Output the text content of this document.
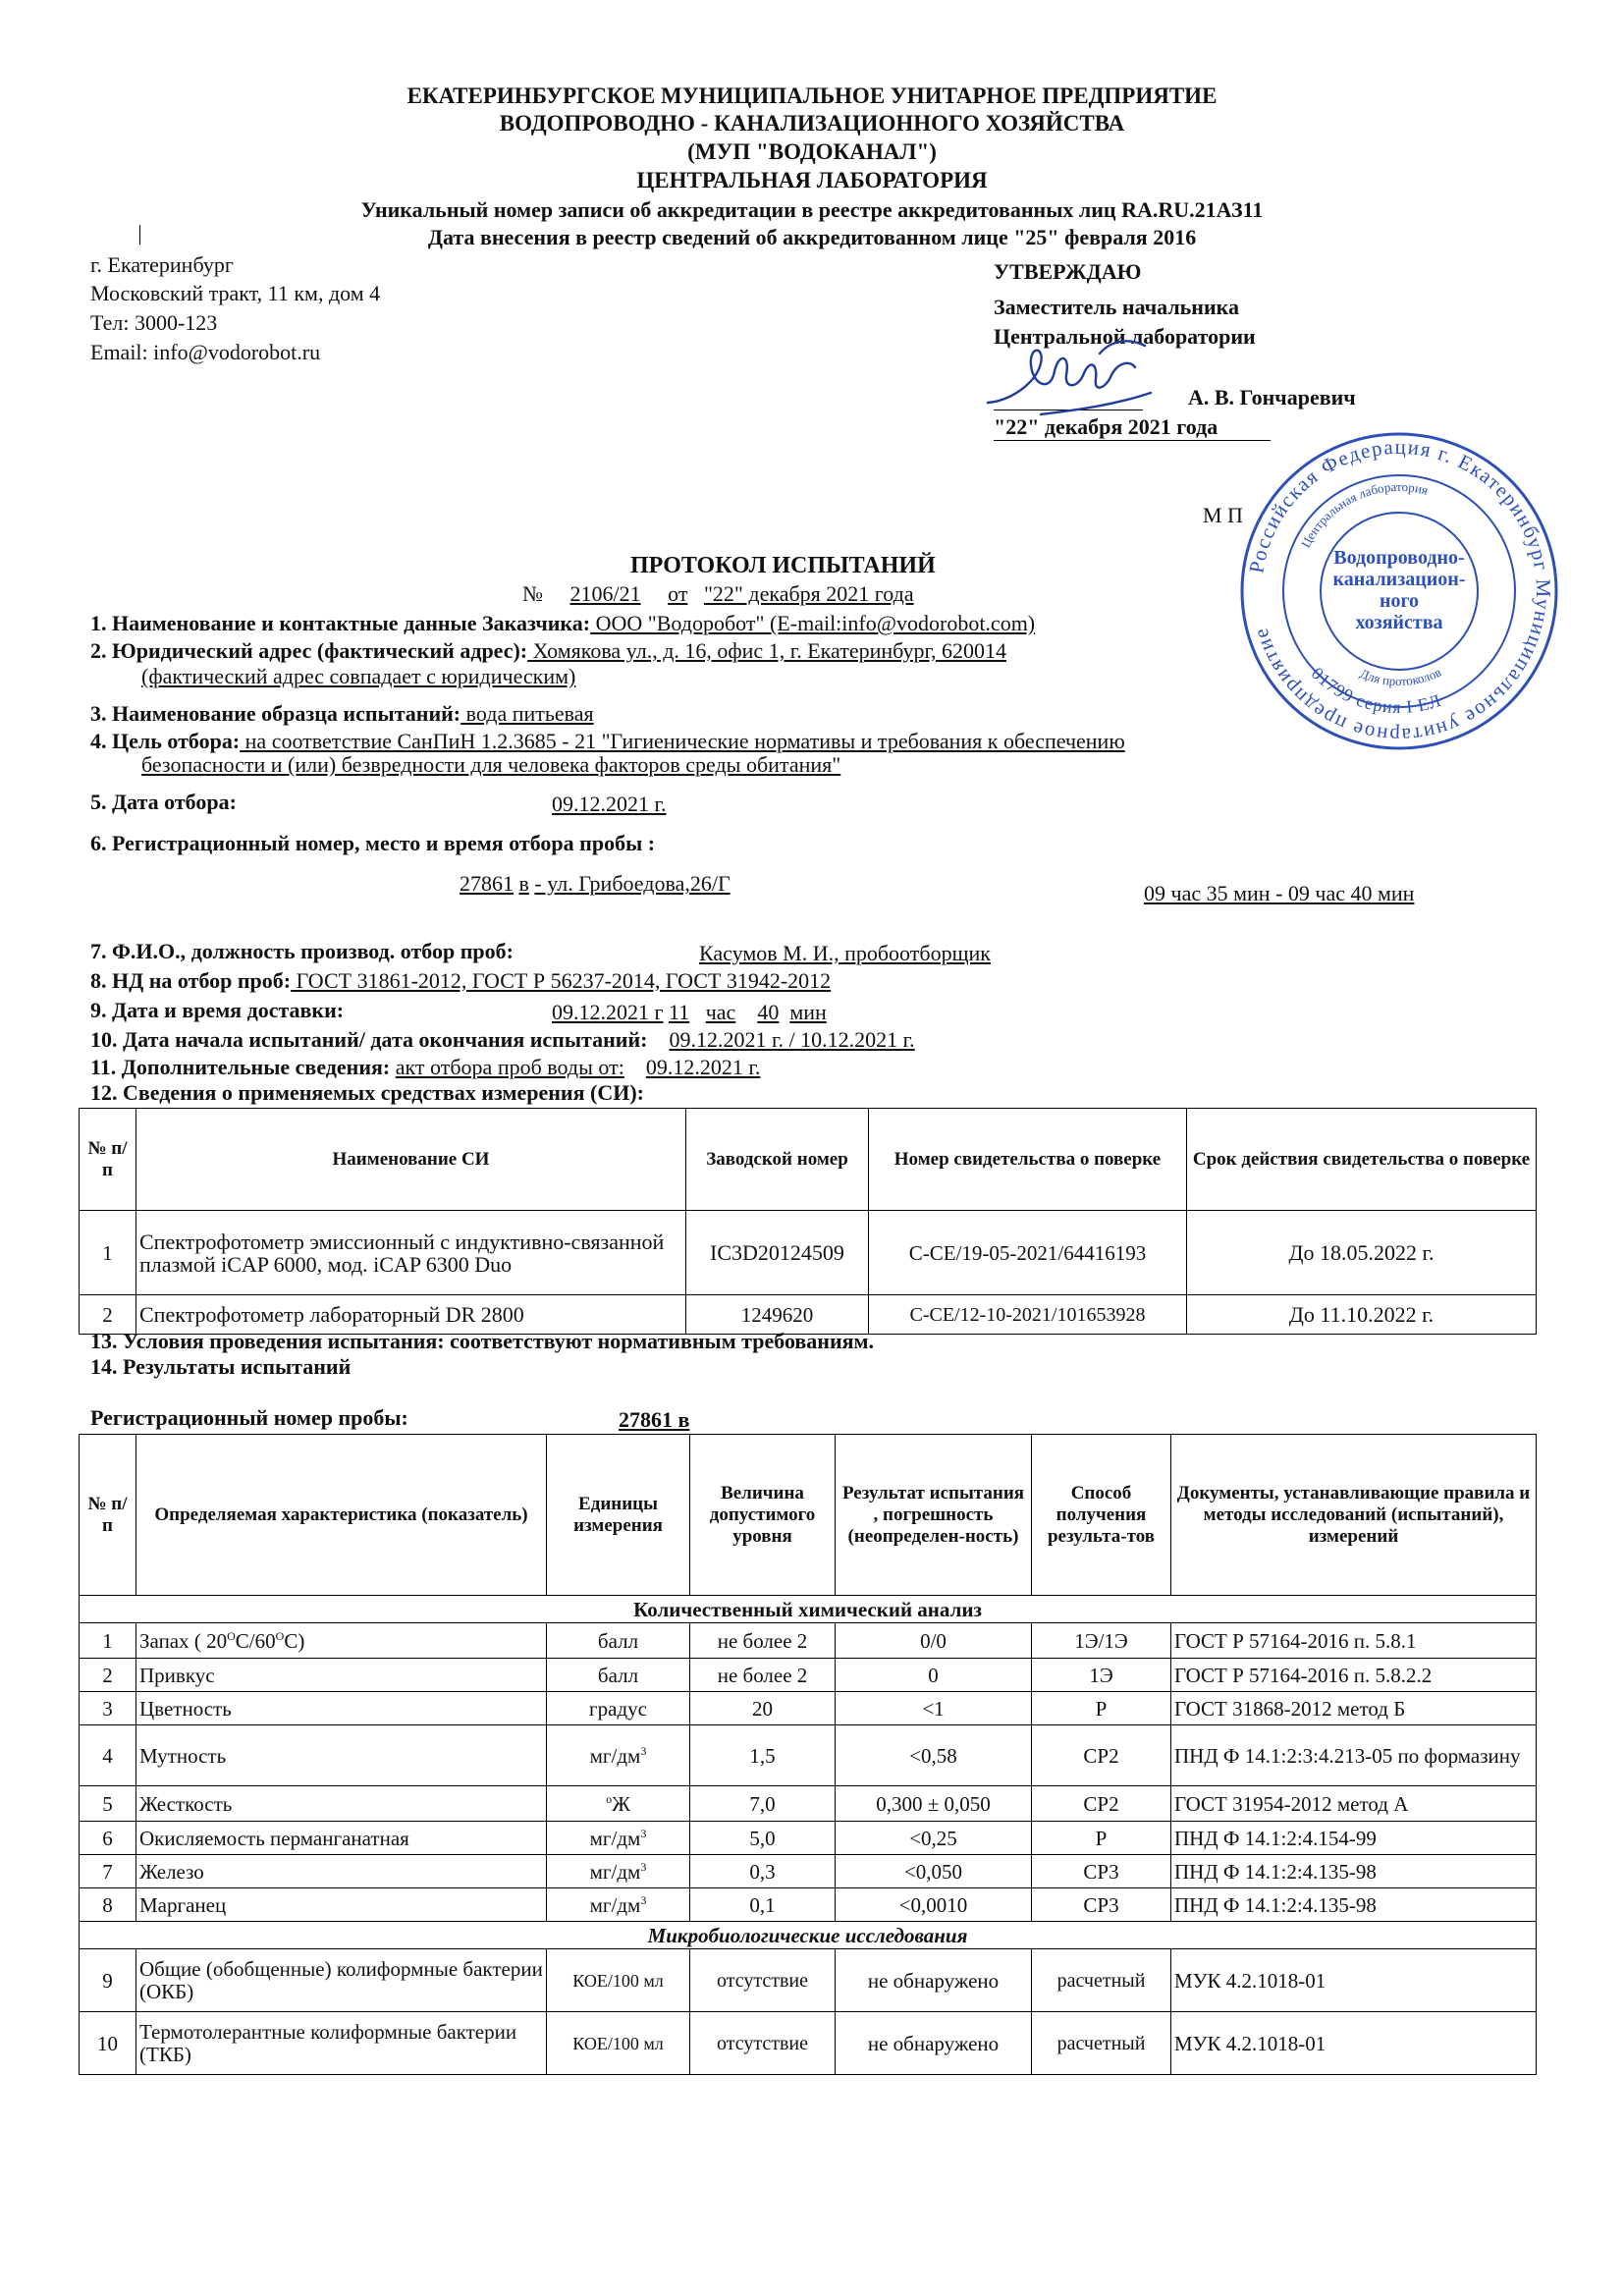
ЕКАТЕРИНБУРГСКОЕ МУНИЦИПАЛЬНОЕ УНИТАРНОЕ ПРЕДПРИЯТИЕ
ВОДОПРОВОДНО - КАНАЛИЗАЦИОННОГО ХОЗЯЙСТВА
(МУП "ВОДОКАНАЛ")
ЦЕНТРАЛЬНАЯ ЛАБОРАТОРИЯ
Уникальный номер записи об аккредитации в реестре аккредитованных лиц RA.RU.21АЗ11
Дата внесения в реестр сведений об аккредитованном лице "25" февраля 2016
г. Екатеринбург
Московский тракт, 11 км, дом 4
Тел: 3000-123
Email: info@vodorobot.ru
УТВЕРЖДАЮ
Заместитель начальника
Центральной лаборатории
А. В. Гончаревич
"22" декабря 2021 года
М П
Российская Федерация г. Екатеринбург Муниципальное унитарное предприятие
Центральная лаборатория
Для протоколов
01799 серия I ЕЛ
Водопроводно-
канализацион-
ного
хозяйства
ПРОТОКОЛ ИСПЫТАНИЙ
№ 2106/21 от "22" декабря 2021 года
1. Наименование и контактные данные Заказчика: ООО "Водоробот" (E-mail:info@vodorobot.com)
2. Юридический адрес (фактический адрес): Хомякова ул., д. 16, офис 1, г. Екатеринбург, 620014
(фактический адрес совпадает с юридическим)
3. Наименование образца испытаний: вода питьевая
4. Цель отбора: на соответствие СанПиН 1.2.3685 - 21 "Гигиенические нормативы и требования к обеспечению
безопасности и (или) безвредности для человека факторов среды обитания"
5. Дата отбора:	09.12.2021 г.
6. Регистрационный номер, место и время отбора пробы :
27861 в - ул. Грибоедова,26/Г	09 час 35 мин - 09 час 40 мин
7. Ф.И.О., должность производ. отбор проб:	Касумов М. И., пробоотборщик
8. НД на отбор проб: ГОСТ 31861-2012, ГОСТ Р 56237-2014, ГОСТ 31942-2012
9. Дата и время доставки:	09.12.2021 г 11 час 40 мин
10. Дата начала испытаний/ дата окончания испытаний: 09.12.2021 г. / 10.12.2021 г.
11. Дополнительные сведения: акт отбора проб воды от: 09.12.2021 г.
12. Сведения о применяемых средствах измерения (СИ):
№ п/п	Наименование СИ	Заводской номер	Номер свидетельства о поверке	Срок действия свидетельства о поверке
1	Спектрофотометр эмиссионный с индуктивно-связанной плазмой iCAP 6000, мод. iCAP 6300 Duo	IC3D20124509	С-СЕ/19-05-2021/64416193	До 18.05.2022 г.
2	Спектрофотометр лабораторный DR 2800	1249620	С-СЕ/12-10-2021/101653928	До 11.10.2022 г.
13. Условия проведения испытания: соответствуют нормативным требованиям.
14. Результаты испытаний
Регистрационный номер пробы:	27861 в
№ п/п	Определяемая характеристика (показатель)	Единицы измерения	Величина допустимого уровня	Результат испытания , погрешность (неопределен-ность)	Способ получения результа-тов	Документы, устанавливающие правила и методы исследований (испытаний), измерений
Количественный химический анализ						
1	Запах ( $20^ОС/60^ОС$)	балл	не более 2	0/0	1Э/1Э	ГОСТ Р 57164-2016 п. 5.8.1
2	Привкус	балл	не более 2	0	1Э	ГОСТ Р 57164-2016 п. 5.8.2.2
3	Цветность	градус	20	<1	Р	ГОСТ 31868-2012 метод Б
4	Мутность	$мг/дм^3$	1,5	<0,58	СР2	ПНД Ф 14.1:2:3:4.213-05 по формазину
5	Жесткость	$^о$Ж	7,0	0,300 ± 0,050	СР2	ГОСТ 31954-2012 метод А
6	Окисляемость перманганатная	$мг/дм^3$	5,0	<0,25	Р	ПНД Ф 14.1:2:4.154-99
7	Железо	$мг/дм^3$	0,3	<0,050	СР3	ПНД Ф 14.1:2:4.135-98
8	Марганец	$мг/дм^3$	0,1	<0,0010	СР3	ПНД Ф 14.1:2:4.135-98
Микробиологические исследования						
9	Общие (обобщенные) колиформные бактерии (ОКБ)	КОЕ/100 мл	отсутствие	не обнаружено	расчетный	МУК 4.2.1018-01
10	Термотолерантные колиформные бактерии (ТКБ)	КОЕ/100 мл	отсутствие	не обнаружено	расчетный	МУК 4.2.1018-01
